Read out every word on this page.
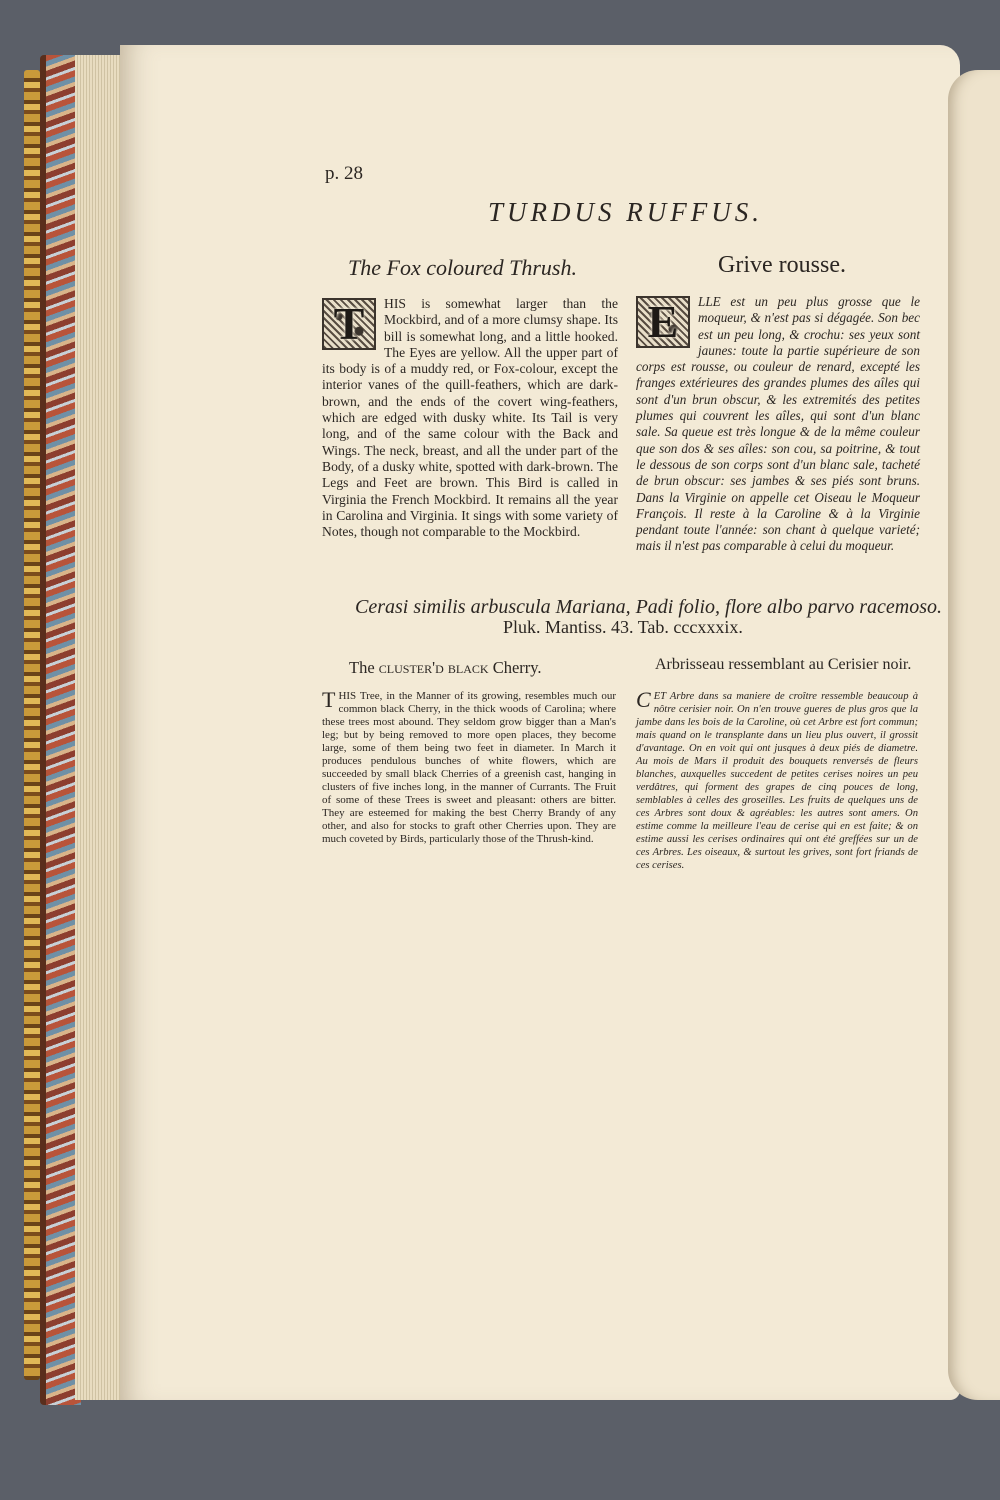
p. 28
TURDUS RUFFUS.
The Fox coloured Thrush.	Grive rousse.
T	HIS is somewhat larger than the Mockbird, and of a more clumsy shape. Its bill is somewhat long, and a little hooked. The Eyes are yellow. All the upper part of its body is of a muddy red, or Fox-colour, except the interior vanes of the quill-feathers, which are dark-brown, and the ends of the covert wing-feathers, which are edged with dusky white. Its Tail is very long, and of the same colour with the Back and Wings. The neck, breast, and all the under part of the Body, of a dusky white, spotted with dark-brown. The Legs and Feet are brown. This Bird is called in Virginia the French Mockbird. It remains all the year in Carolina and Virginia. It sings with some variety of Notes, though not comparable to the Mockbird.
E	LLE est un peu plus grosse que le moqueur, & n'est pas si dégagée. Son bec est un peu long, & crochu: ses yeux sont jaunes: toute la partie supérieure de son corps est rousse, ou couleur de renard, excepté les franges extérieures des grandes plumes des aîles qui sont d'un brun obscur, & les extremités des petites plumes qui couvrent les aîles, qui sont d'un blanc sale. Sa queue est très longue & de la même couleur que son dos & ses aîles: son cou, sa poitrine, & tout le dessous de son corps sont d'un blanc sale, tacheté de brun obscur: ses jambes & ses piés sont bruns. Dans la Virginie on appelle cet Oiseau le Moqueur François. Il reste à la Caroline & à la Virginie pendant toute l'année: son chant à quelque varieté; mais il n'est pas comparable à celui du moqueur.
Cerasi similis arbuscula Mariana, Padi folio, flore albo parvo racemoso.
Pluk. Mantiss. 43. Tab. cccxxxix.
The cluster'd black Cherry.	Arbrisseau ressemblant au Cerisier noir.
T HIS Tree, in the Manner of its growing, resembles much our common black Cherry, in the thick woods of Carolina; where these trees most abound. They seldom grow bigger than a Man's leg; but by being removed to more open places, they become large, some of them being two feet in diameter. In March it produces pendulous bunches of white flowers, which are succeeded by small black Cherries of a greenish cast, hanging in clusters of five inches long, in the manner of Currants. The Fruit of some of these Trees is sweet and pleasant: others are bitter. They are esteemed for making the best Cherry Brandy of any other, and also for stocks to graft other Cherries upon. They are much coveted by Birds, particularly those of the Thrush-kind.
C ET Arbre dans sa maniere de croître ressemble beaucoup à nôtre cerisier noir. On n'en trouve gueres de plus gros que la jambe dans les bois de la Caroline, où cet Arbre est fort commun; mais quand on le transplante dans un lieu plus ouvert, il grossit d'avantage. On en voit qui ont jusques à deux piés de diametre. Au mois de Mars il produit des bouquets renversés de fleurs blanches, auxquelles succedent de petites cerises noires un peu verdâtres, qui forment des grapes de cinq pouces de long, semblables à celles des groseilles. Les fruits de quelques uns de ces Arbres sont doux & agréables: les autres sont amers. On estime comme la meilleure l'eau de cerise qui en est faite; & on estime aussi les cerises ordinaires qui ont été greffées sur un de ces Arbres. Les oiseaux, & surtout les grives, sont fort friands de ces cerises.
